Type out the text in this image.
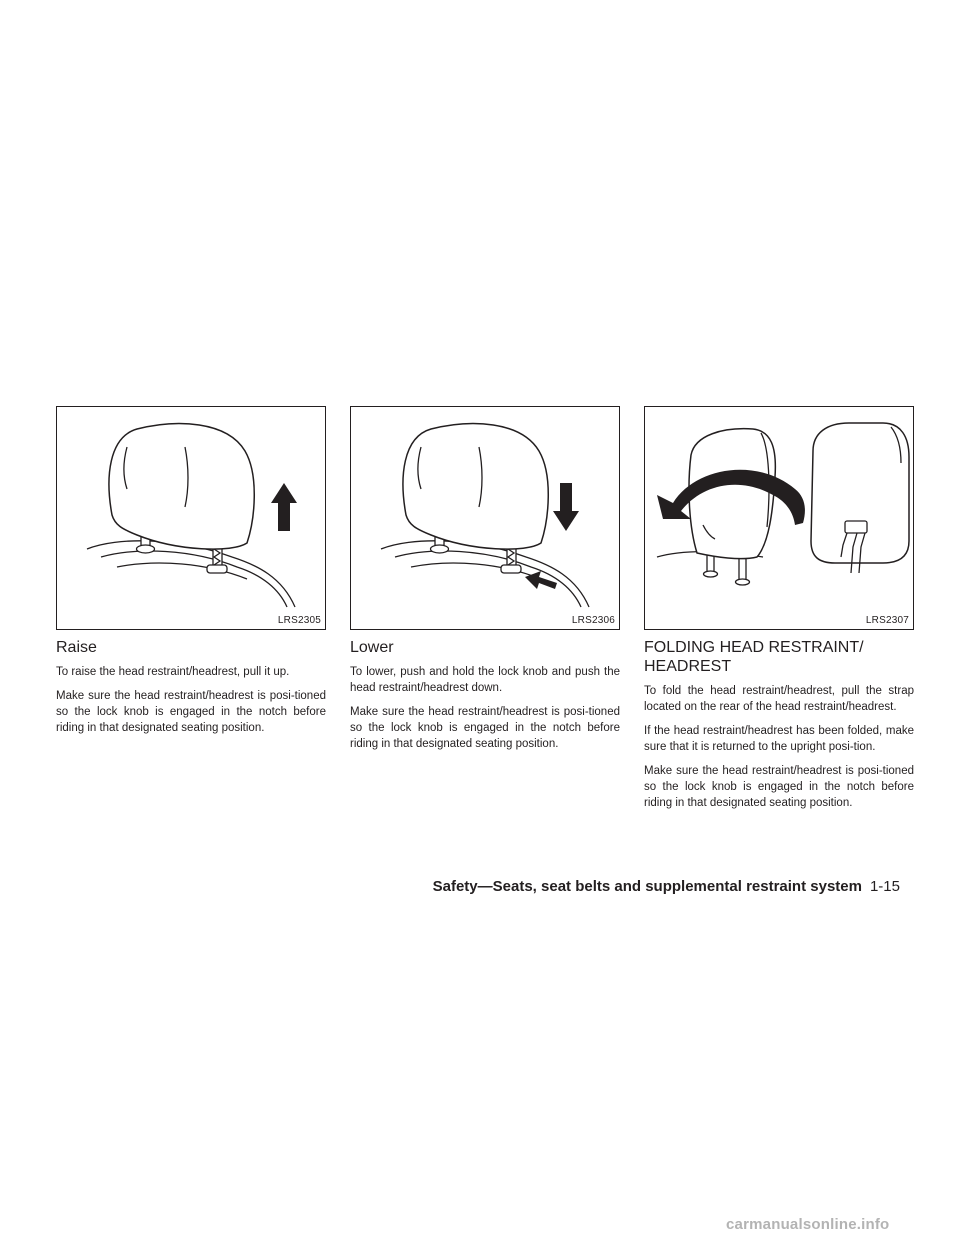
LRS2305
Raise

To raise the head restraint/headrest, pull it up.

Make sure the head restraint/headrest is posi-tioned so the lock knob is engaged in the notch before riding in that designated seating position.

LRS2306
Lower

To lower, push and hold the lock knob and push the head restraint/headrest down.

Make sure the head restraint/headrest is posi-tioned so the lock knob is engaged in the notch before riding in that designated seating position.

LRS2307
FOLDING HEAD RESTRAINT/ HEADREST

To fold the head restraint/headrest, pull the strap located on the rear of the head restraint/headrest.

If the head restraint/headrest has been folded, make sure that it is returned to the upright posi-tion.

Make sure the head restraint/headrest is posi-tioned so the lock knob is engaged in the notch before riding in that designated seating position.

Safety—Seats, seat belts and supplemental restraint system 1-15
carmanualsonline.info
